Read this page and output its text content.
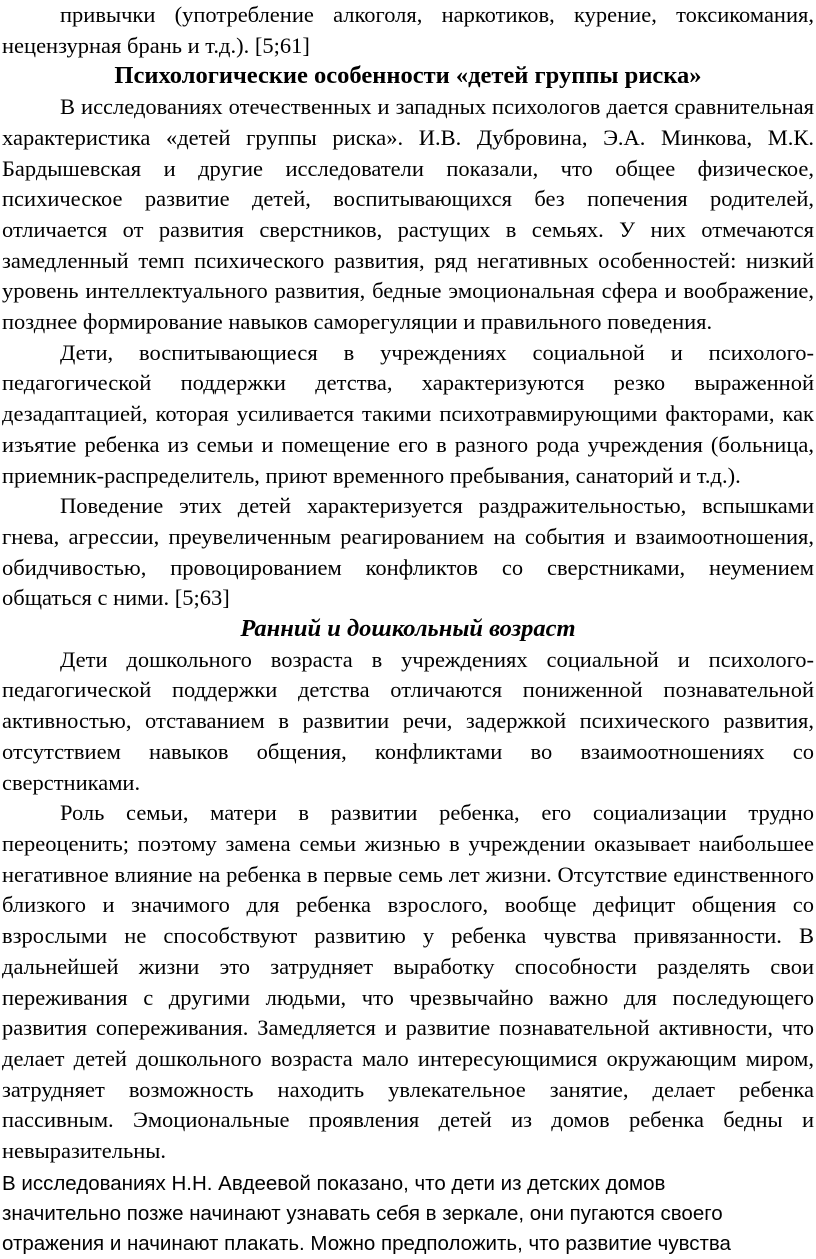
привычки (употребление алкоголя, наркотиков, курение, токсикомания, нецензурная брань и т.д.). [5;61]

Психологические особенности «детей группы риска»

В исследованиях отечественных и западных психологов дается сравнительная характеристика «детей группы риска». И.В. Дубровина, Э.А. Минкова, М.К. Бардышевская и другие исследователи показали, что общее физическое, психическое развитие детей, воспитывающихся без попечения родителей, отличается от развития сверстников, растущих в семьях. У них отмечаются замедленный темп психического развития, ряд негативных особенностей: низкий уровень интеллектуального развития, бедные эмоциональная сфера и воображение, позднее формирование навыков саморегуляции и правильного поведения.

Дети, воспитывающиеся в учреждениях социальной и психолого-педагогической поддержки детства, характеризуются резко выраженной дезадаптацией, которая усиливается такими психотравмирующими факторами, как изъятие ребенка из семьи и помещение его в разного рода учреждения (больница, приемник-распределитель, приют временного пребывания, санаторий и т.д.).

Поведение этих детей характеризуется раздражительностью, вспышками гнева, агрессии, преувеличенным реагированием на события и взаимоотношения, обидчивостью, провоцированием конфликтов со сверстниками, неумением общаться с ними. [5;63]

Ранний и дошкольный возраст

Дети дошкольного возраста в учреждениях социальной и психолого-педагогической поддержки детства отличаются пониженной познавательной активностью, отставанием в развитии речи, задержкой психического развития, отсутствием навыков общения, конфликтами во взаимоотношениях со сверстниками.

Роль семьи, матери в развитии ребенка, его социализации трудно переоценить; поэтому замена семьи жизнью в учреждении оказывает наибольшее негативное влияние на ребенка в первые семь лет жизни. Отсутствие единственного близкого и значимого для ребенка взрослого, вообще дефицит общения со взрослыми не способствуют развитию у ребенка чувства привязанности. В дальнейшей жизни это затрудняет выработку способности разделять свои переживания с другими людьми, что чрезвычайно важно для последующего развития сопереживания. Замедляется и развитие познавательной активности, что делает детей дошкольного возраста мало интересующимися окружающим миром, затрудняет возможность находить увлекательное занятие, делает ребенка пассивным. Эмоциональные проявления детей из домов ребенка бедны и невыразительны.

В исследованиях Н.Н. Авдеевой показано, что дети из детских домов

значительно позже начинают узнавать себя в зеркале, они пугаются своего

отражения и начинают плакать. Можно предположить, что развитие чувства
